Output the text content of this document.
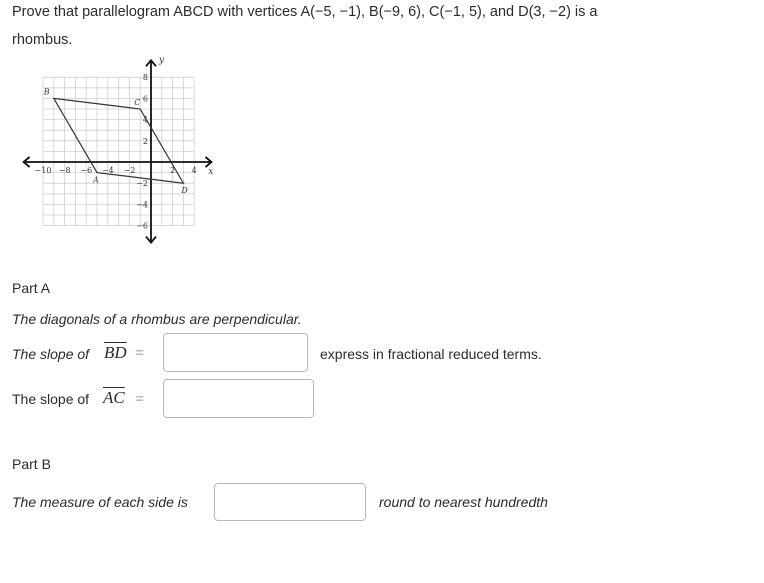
Prove that parallelogram ABCD with vertices A(−5, −1), B(−9, 6), C(−1, 5), and D(3, −2) is a
rhombus.
−10 −8 −6 −4 −2	2 4
8
6
4
2
−2
−4
−6
A
B
C
D
y
x
Part A
The diagonals of a rhombus are perpendicular.
The slope of $\overline{BD}$ =	express in fractional reduced terms.
The slope of $\overline{AC}$ =
Part B
The measure of each side is	round to nearest hundredth
